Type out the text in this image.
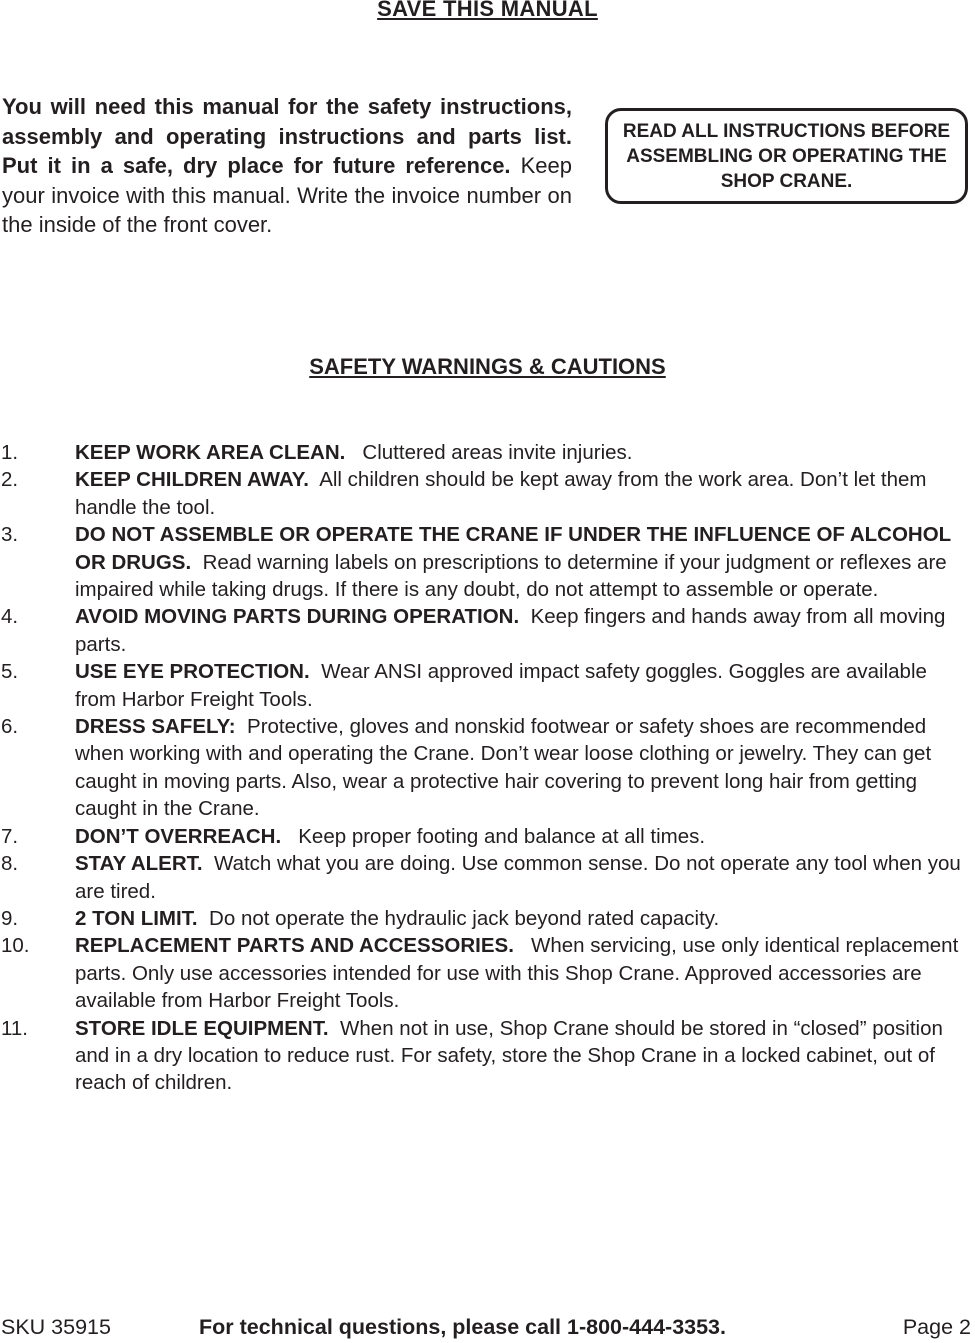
SAVE THIS MANUAL
You will need this manual for the safety instructions, assembly and operating instructions and parts list. Put it in a safe, dry place for future reference. Keep your invoice with this manual. Write the invoice number on the inside of the front cover.
READ ALL INSTRUCTIONS BEFORE ASSEMBLING OR OPERATING THE SHOP CRANE.
SAFETY WARNINGS & CAUTIONS
1.	KEEP WORK AREA CLEAN. Cluttered areas invite injuries.
2.	KEEP CHILDREN AWAY. All children should be kept away from the work area. Don’t let them handle the tool.
3.	DO NOT ASSEMBLE OR OPERATE THE CRANE IF UNDER THE INFLUENCE OF ALCOHOL OR DRUGS. Read warning labels on prescriptions to determine if your judgment or reflexes are impaired while taking drugs. If there is any doubt, do not attempt to assemble or operate.
4.	AVOID MOVING PARTS DURING OPERATION. Keep fingers and hands away from all moving parts.
5.	USE EYE PROTECTION. Wear ANSI approved impact safety goggles. Goggles are available from Harbor Freight Tools.
6.	DRESS SAFELY: Protective, gloves and nonskid footwear or safety shoes are recommended when working with and operating the Crane. Don’t wear loose clothing or jewelry. They can get caught in moving parts. Also, wear a protective hair covering to prevent long hair from getting caught in the Crane.
7.	DON’T OVERREACH. Keep proper footing and balance at all times.
8.	STAY ALERT. Watch what you are doing. Use common sense. Do not operate any tool when you are tired.
9.	2 TON LIMIT. Do not operate the hydraulic jack beyond rated capacity.
10.	REPLACEMENT PARTS AND ACCESSORIES. When servicing, use only identical replacement parts. Only use accessories intended for use with this Shop Crane. Approved accessories are available from Harbor Freight Tools.
11.	STORE IDLE EQUIPMENT. When not in use, Shop Crane should be stored in “closed” position and in a dry location to reduce rust. For safety, store the Shop Crane in a locked cabinet, out of reach of children.
SKU 35915	For technical questions, please call 1-800-444-3353.	Page 2
